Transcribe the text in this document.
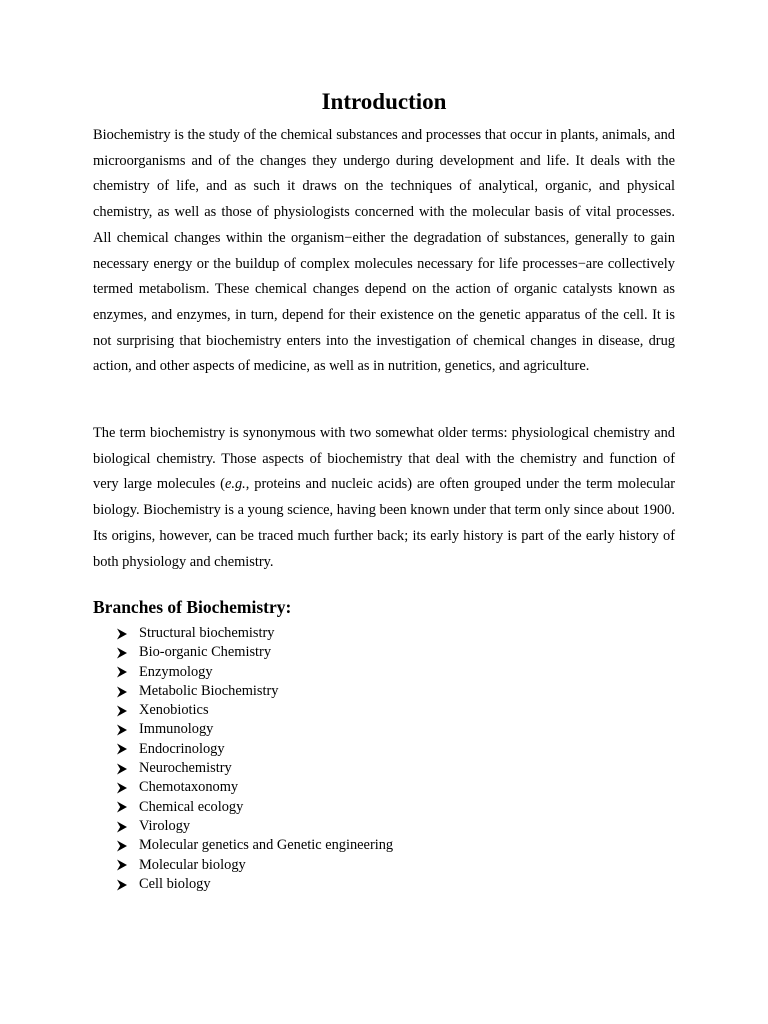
Introduction

Biochemistry is the study of the chemical substances and processes that occur in plants, animals, and microorganisms and of the changes they undergo during development and life. It deals with the chemistry of life, and as such it draws on the techniques of analytical, organic, and physical chemistry, as well as those of physiologists concerned with the molecular basis of vital processes. All chemical changes within the organism−either the degradation of substances, generally to gain necessary energy or the buildup of complex molecules necessary for life processes−are collectively termed metabolism. These chemical changes depend on the action of organic catalysts known as enzymes, and enzymes, in turn, depend for their existence on the genetic apparatus of the cell. It is not surprising that biochemistry enters into the investigation of chemical changes in disease, drug action, and other aspects of medicine, as well as in nutrition, genetics, and agriculture.

The term biochemistry is synonymous with two somewhat older terms: physiological chemistry and biological chemistry. Those aspects of biochemistry that deal with the chemistry and function of very large molecules (e.g., proteins and nucleic acids) are often grouped under the term molecular biology. Biochemistry is a young science, having been known under that term only since about 1900. Its origins, however, can be traced much further back; its early history is part of the early history of both physiology and chemistry.

Branches of Biochemistry:
Structural biochemistry
Bio-organic Chemistry
Enzymology
Metabolic Biochemistry
Xenobiotics
Immunology
Endocrinology
Neurochemistry
Chemotaxonomy
Chemical ecology
Virology
Molecular genetics and Genetic engineering
Molecular biology
Cell biology
